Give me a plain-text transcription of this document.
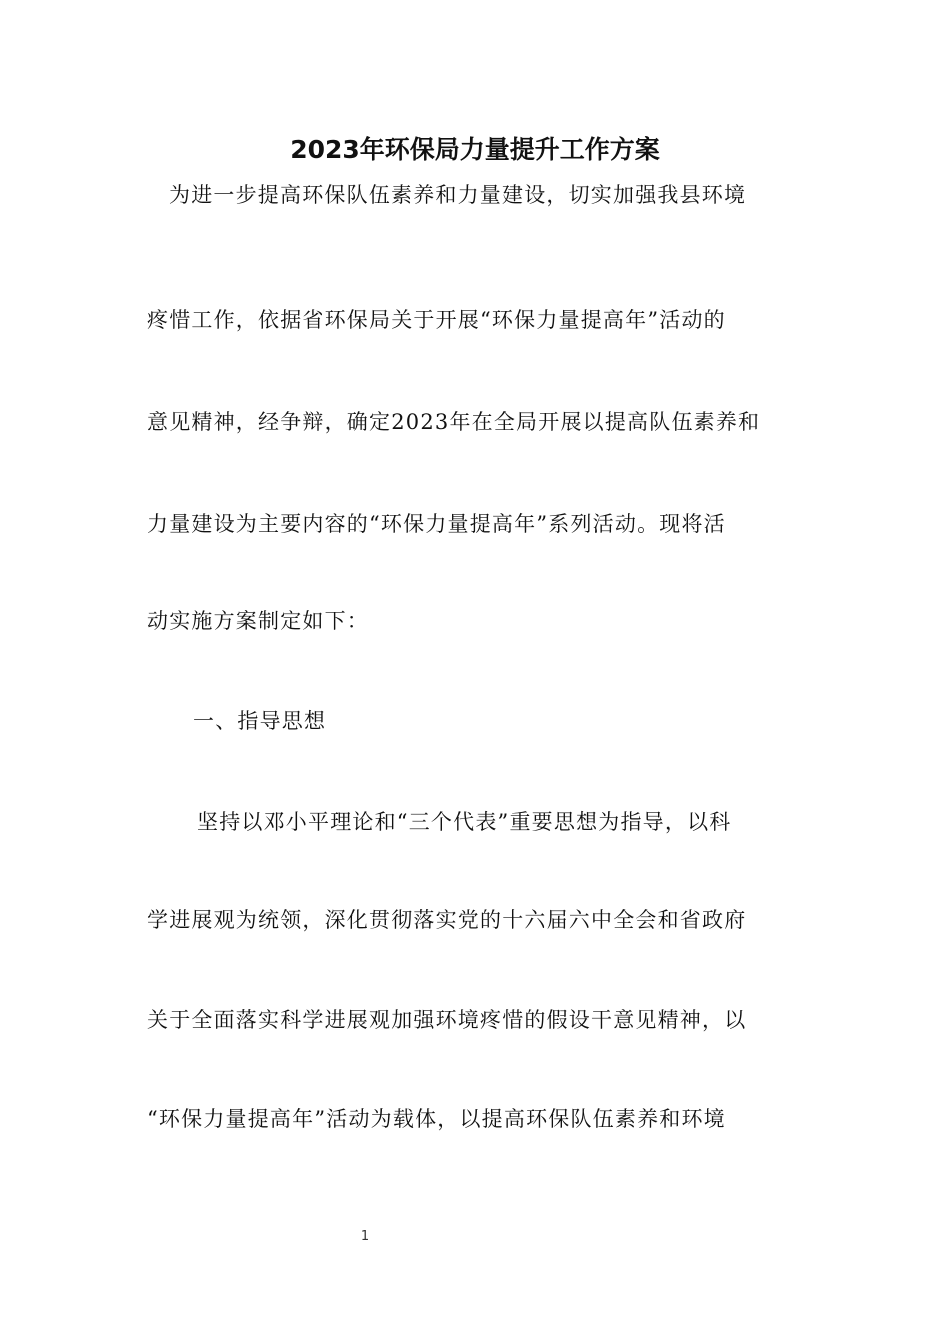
2023年环保局力量提升工作方案
为进一步提高环保队伍素养和力量建设，切实加强我县环境
疼惜工作，依据省环保局关于开展“环保力量提高年”活动的
意见精神，经争辩，确定2023年在全局开展以提高队伍素养和
力量建设为主要内容的“环保力量提高年”系列活动。现将活
动实施方案制定如下：
一、指导思想
坚持以邓小平理论和“三个代表”重要思想为指导，以科
学进展观为统领，深化贯彻落实党的十六届六中全会和省政府
关于全面落实科学进展观加强环境疼惜的假设干意见精神，以
“环保力量提高年”活动为载体，以提高环保队伍素养和环境
1
